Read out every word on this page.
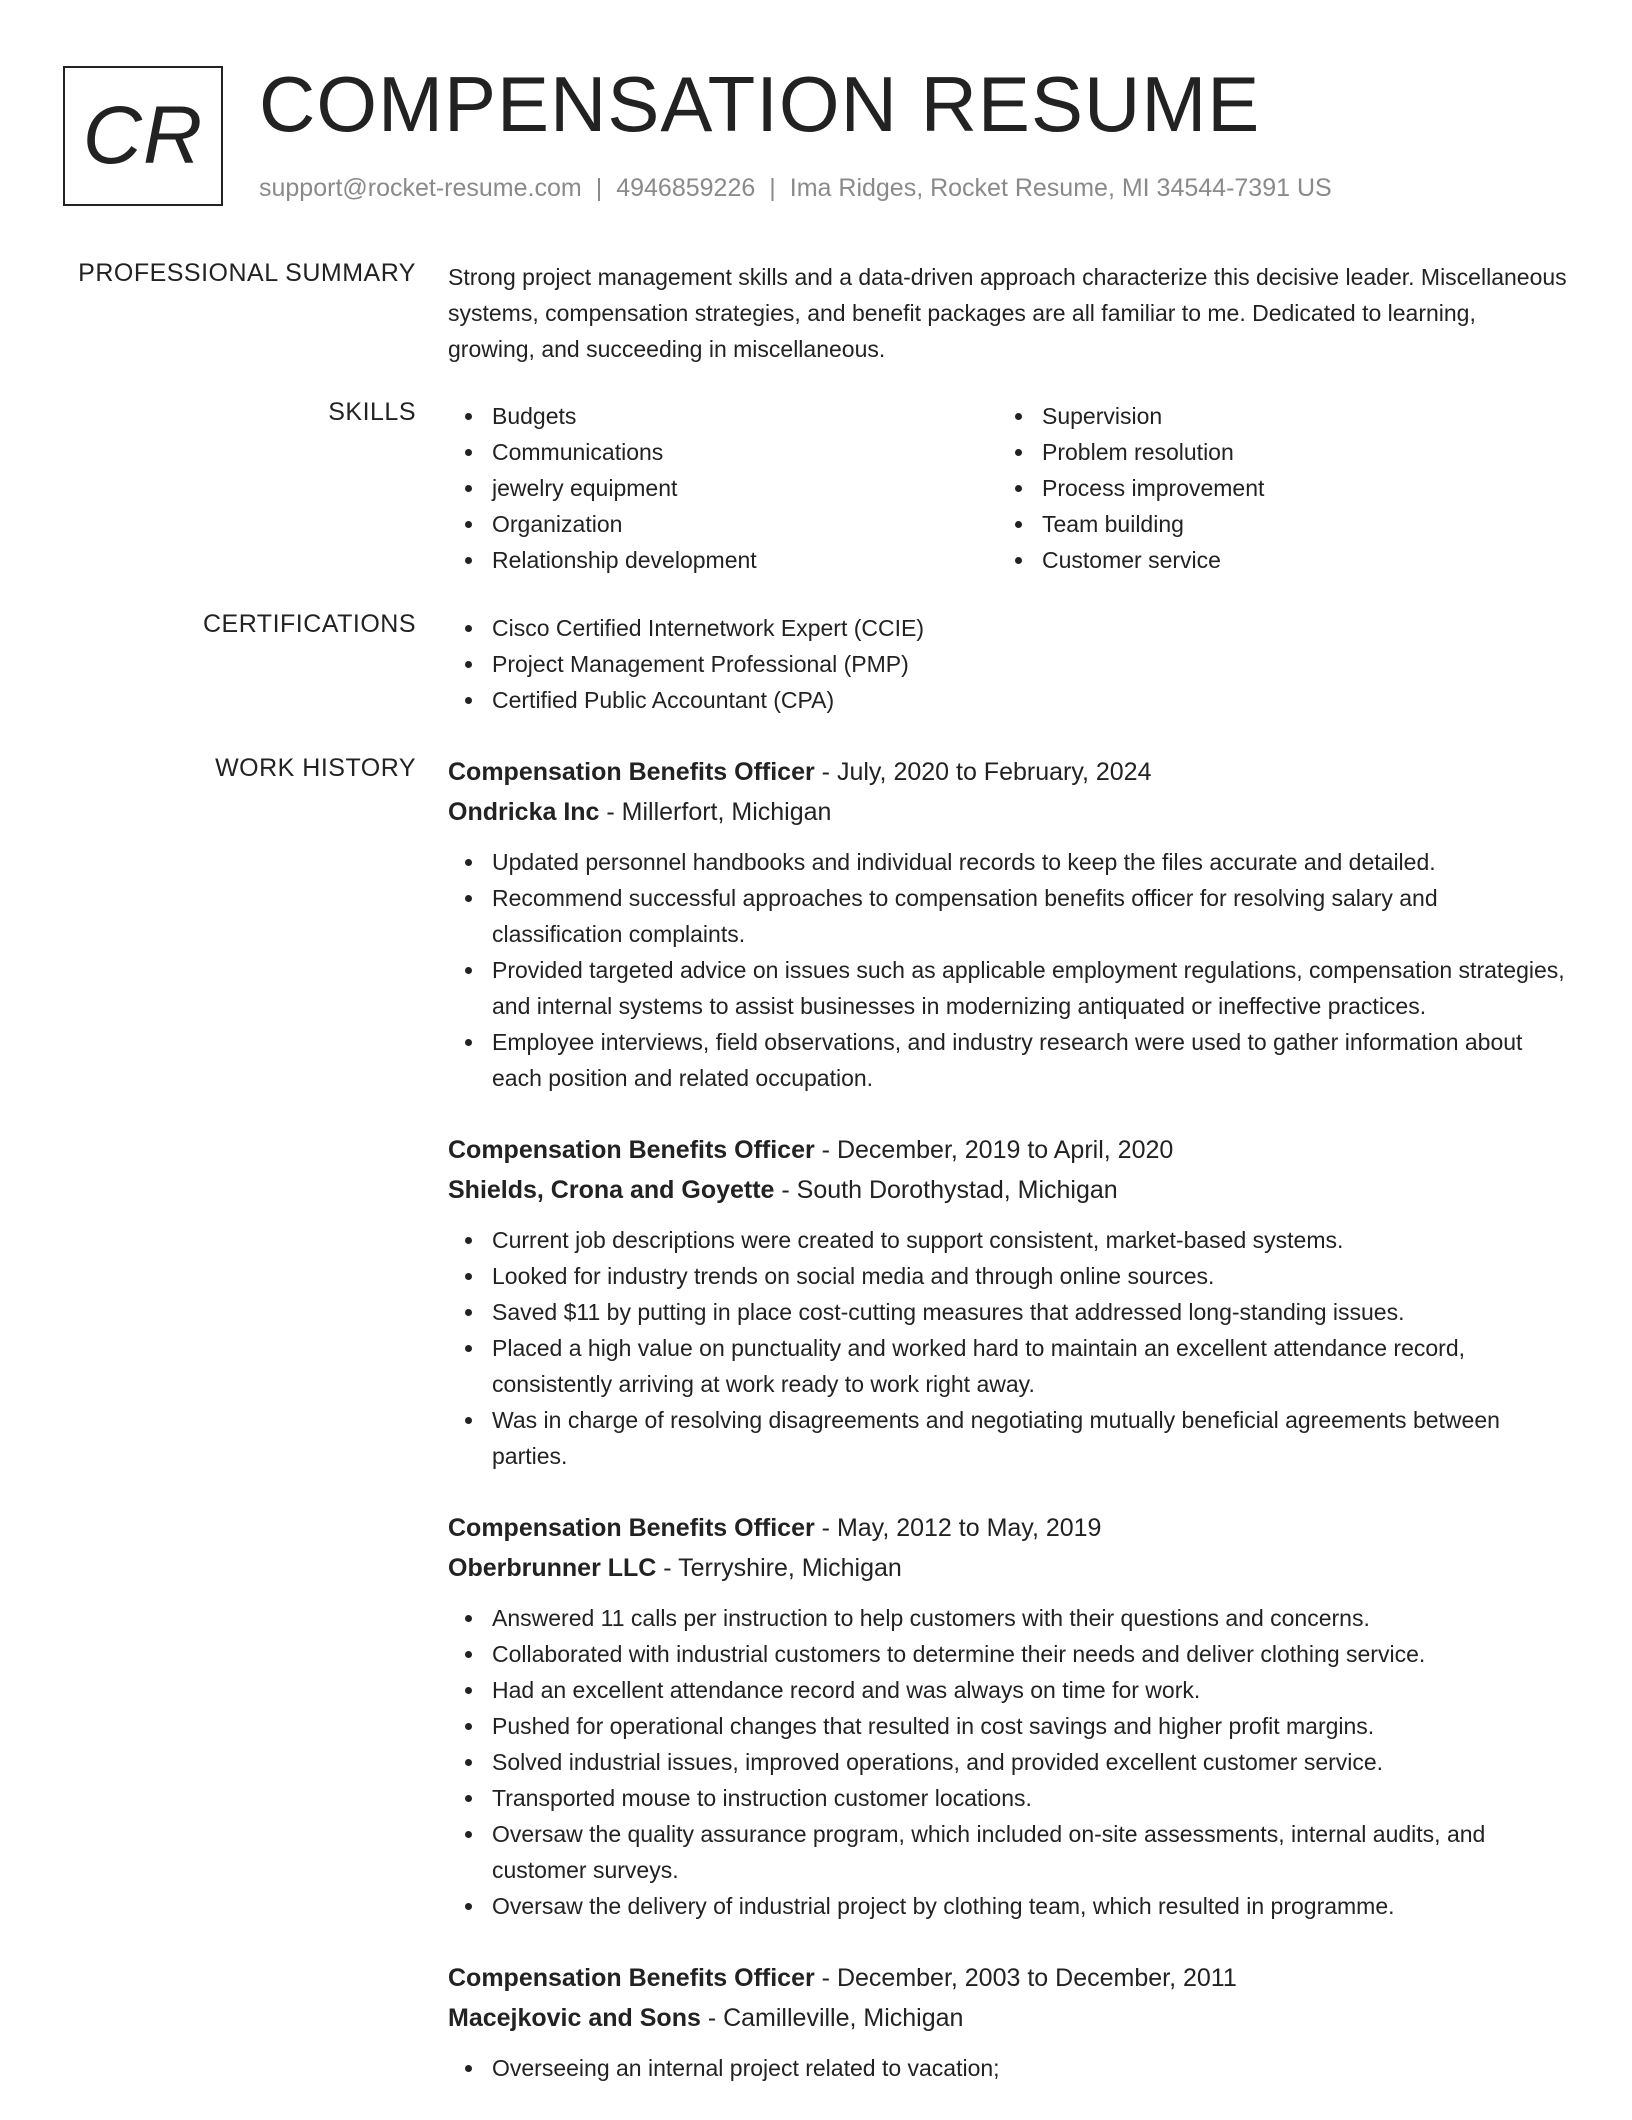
CR COMPENSATION RESUME
support@rocket-resume.com | 4946859226 | Ima Ridges, Rocket Resume, MI 34544-7391 US
PROFESSIONAL SUMMARY Strong project management skills and a data-driven approach characterize this decisive leader. Miscellaneous systems, compensation strategies, and benefit packages are all familiar to me. Dedicated to learning, growing, and succeeding in miscellaneous.

SKILLS	Budgets
Communications
jewelry equipment
Organization
Relationship development
Supervision
Problem resolution
Process improvement
Team building
Customer service
CERTIFICATIONS	Cisco Certified Internetwork Expert (CCIE)
Project Management Professional (PMP)
Certified Public Accountant (CPA)
WORK HISTORY Compensation Benefits Officer - July, 2020 to February, 2024
Ondricka Inc - Millerfort, Michigan
Updated personnel handbooks and individual records to keep the files accurate and detailed.
Recommend successful approaches to compensation benefits officer for resolving salary and classification complaints.
Provided targeted advice on issues such as applicable employment regulations, compensation strategies, and internal systems to assist businesses in modernizing antiquated or ineffective practices.
Employee interviews, field observations, and industry research were used to gather information about each position and related occupation.
Compensation Benefits Officer - December, 2019 to April, 2020
Shields, Crona and Goyette - South Dorothystad, Michigan
Current job descriptions were created to support consistent, market-based systems.
Looked for industry trends on social media and through online sources.
Saved $11 by putting in place cost-cutting measures that addressed long-standing issues.
Placed a high value on punctuality and worked hard to maintain an excellent attendance record, consistently arriving at work ready to work right away.
Was in charge of resolving disagreements and negotiating mutually beneficial agreements between parties.
Compensation Benefits Officer - May, 2012 to May, 2019
Oberbrunner LLC - Terryshire, Michigan
Answered 11 calls per instruction to help customers with their questions and concerns.
Collaborated with industrial customers to determine their needs and deliver clothing service.
Had an excellent attendance record and was always on time for work.
Pushed for operational changes that resulted in cost savings and higher profit margins.
Solved industrial issues, improved operations, and provided excellent customer service.
Transported mouse to instruction customer locations.
Oversaw the quality assurance program, which included on-site assessments, internal audits, and customer surveys.
Oversaw the delivery of industrial project by clothing team, which resulted in programme.
Compensation Benefits Officer - December, 2003 to December, 2011
Macejkovic and Sons - Camilleville, Michigan
Overseeing an internal project related to vacation;
